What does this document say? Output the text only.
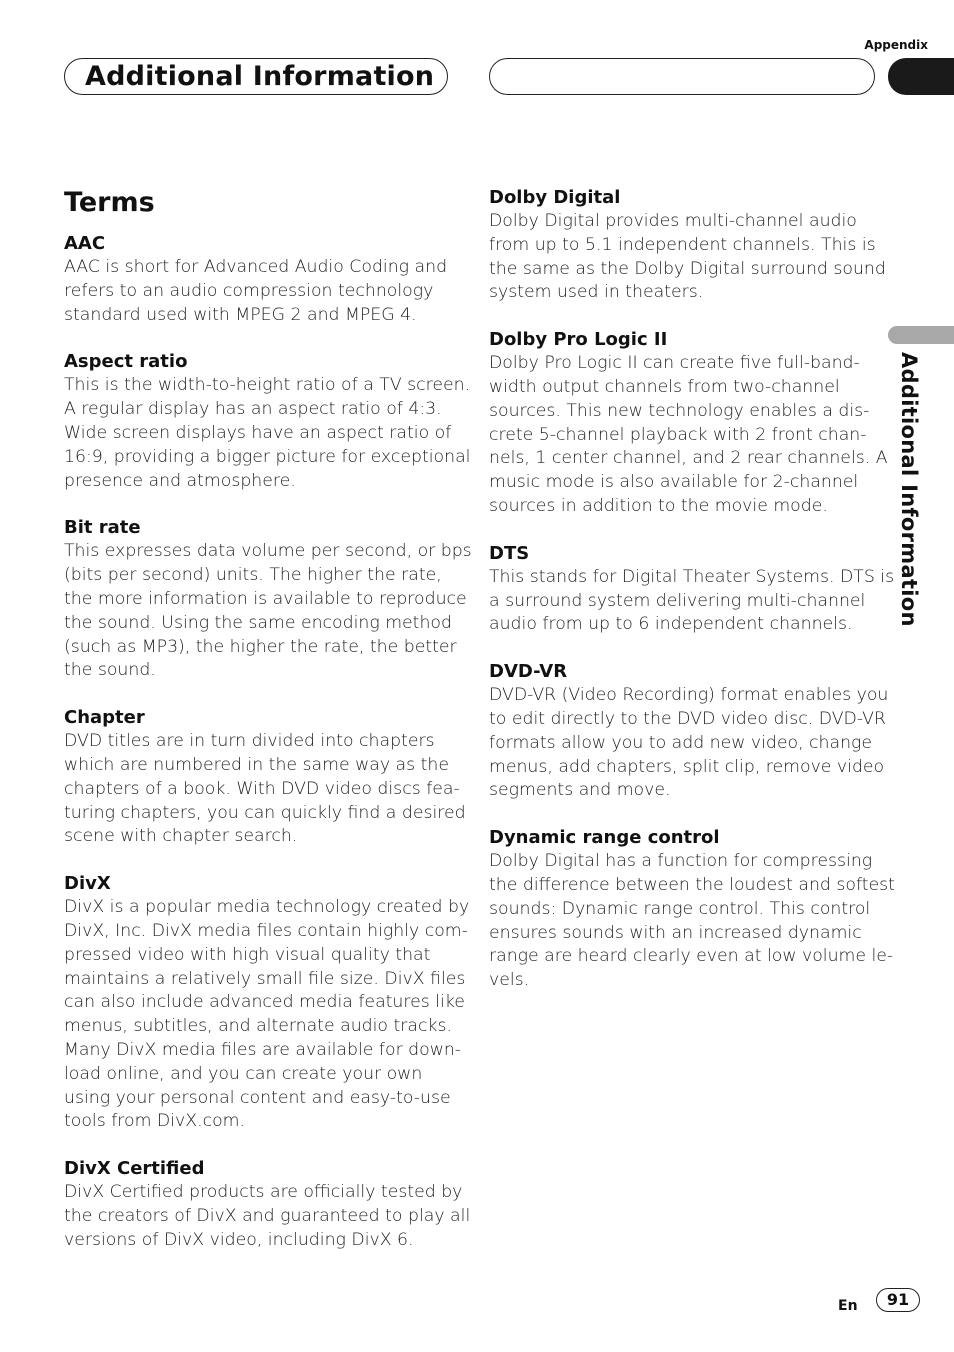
Appendix
Additional Information
Additional Information
Terms

AAC

AAC is short for Advanced Audio Coding and
refers to an audio compression technology
standard used with MPEG 2 and MPEG 4.

Aspect ratio

This is the width-to-height ratio of a TV screen.
A regular display has an aspect ratio of 4:3.
Wide screen displays have an aspect ratio of
16:9, providing a bigger picture for exceptional
presence and atmosphere.

Bit rate

This expresses data volume per second, or bps
(bits per second) units. The higher the rate,
the more information is available to reproduce
the sound. Using the same encoding method
(such as MP3), the higher the rate, the better
the sound.

Chapter

DVD titles are in turn divided into chapters
which are numbered in the same way as the
chapters of a book. With DVD video discs fea-
turing chapters, you can quickly find a desired
scene with chapter search.

DivX

DivX is a popular media technology created by
DivX, Inc. DivX media files contain highly com-
pressed video with high visual quality that
maintains a relatively small file size. DivX files
can also include advanced media features like
menus, subtitles, and alternate audio tracks.
Many DivX media files are available for down-
load online, and you can create your own
using your personal content and easy-to-use
tools from DivX.com.

DivX Certified

DivX Certified products are officially tested by
the creators of DivX and guaranteed to play all
versions of DivX video, including DivX 6.

Dolby Digital

Dolby Digital provides multi-channel audio
from up to 5.1 independent channels. This is
the same as the Dolby Digital surround sound
system used in theaters.

Dolby Pro Logic II

Dolby Pro Logic II can create five full-band-
width output channels from two-channel
sources. This new technology enables a dis-
crete 5-channel playback with 2 front chan-
nels, 1 center channel, and 2 rear channels. A
music mode is also available for 2-channel
sources in addition to the movie mode.

DTS

This stands for Digital Theater Systems. DTS is
a surround system delivering multi-channel
audio from up to 6 independent channels.

DVD-VR

DVD-VR (Video Recording) format enables you
to edit directly to the DVD video disc. DVD-VR
formats allow you to add new video, change
menus, add chapters, split clip, remove video
segments and move.

Dynamic range control

Dolby Digital has a function for compressing
the difference between the loudest and softest
sounds: Dynamic range control. This control
ensures sounds with an increased dynamic
range are heard clearly even at low volume le-
vels.

En	91
